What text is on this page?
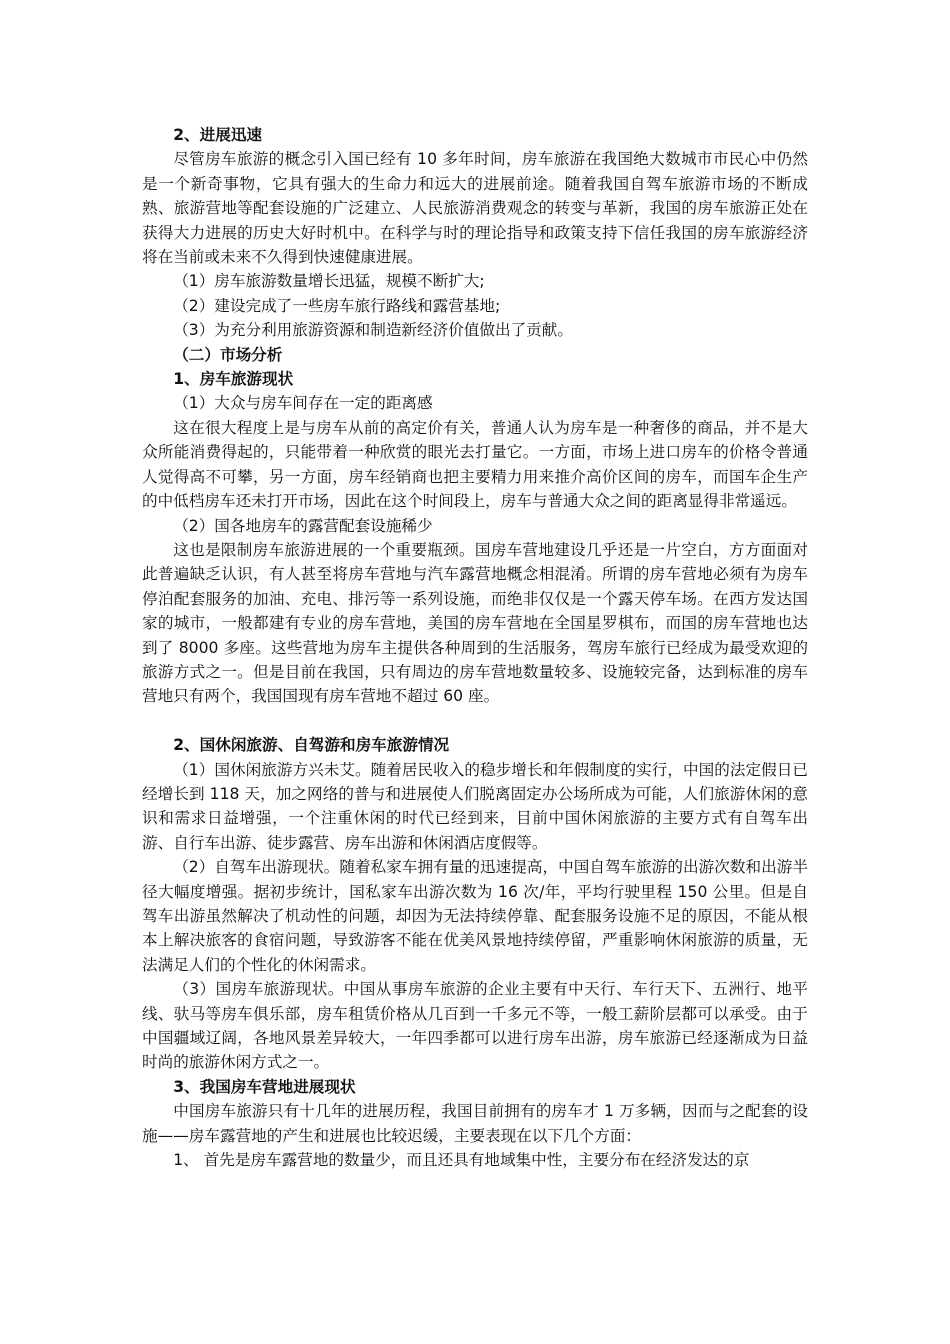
2、进展迅速

尽管房车旅游的概念引入国已经有 10 多年时间，房车旅游在我国绝大数城市市民心中仍然是一个新奇事物，它具有强大的生命力和远大的进展前途。随着我国自驾车旅游市场的不断成熟、旅游营地等配套设施的广泛建立、人民旅游消费观念的转变与革新，我国的房车旅游正处在获得大力进展的历史大好时机中。在科学与时的理论指导和政策支持下信任我国的房车旅游经济将在当前或未来不久得到快速健康进展。

（1）房车旅游数量增长迅猛，规模不断扩大;

（2）建设完成了一些房车旅行路线和露营基地;

（3）为充分利用旅游资源和制造新经济价值做出了贡献。

（二）市场分析

1、房车旅游现状

（1）大众与房车间存在一定的距离感

这在很大程度上是与房车从前的高定价有关，普通人认为房车是一种奢侈的商品，并不是大众所能消费得起的，只能带着一种欣赏的眼光去打量它。一方面，市场上进口房车的价格令普通人觉得高不可攀，另一方面，房车经销商也把主要精力用来推介高价区间的房车，而国车企生产的中低档房车还未打开市场，因此在这个时间段上，房车与普通大众之间的距离显得非常遥远。

（2）国各地房车的露营配套设施稀少

这也是限制房车旅游进展的一个重要瓶颈。国房车营地建设几乎还是一片空白，方方面面对此普遍缺乏认识，有人甚至将房车营地与汽车露营地概念相混淆。所谓的房车营地必须有为房车停泊配套服务的加油、充电、排污等一系列设施，而绝非仅仅是一个露天停车场。在西方发达国家的城市，一般都建有专业的房车营地，美国的房车营地在全国星罗棋布，而国的房车营地也达到了 8000 多座。这些营地为房车主提供各种周到的生活服务，驾房车旅行已经成为最受欢迎的旅游方式之一。但是目前在我国，只有周边的房车营地数量较多、设施较完备，达到标准的房车营地只有两个，我国国现有房车营地不超过 60 座。

2、国休闲旅游、自驾游和房车旅游情况

（1）国休闲旅游方兴未艾。随着居民收入的稳步增长和年假制度的实行，中国的法定假日已经增长到 118 天，加之网络的普与和进展使人们脱离固定办公场所成为可能，人们旅游休闲的意识和需求日益增强，一个注重休闲的时代已经到来，目前中国休闲旅游的主要方式有自驾车出游、自行车出游、徒步露营、房车出游和休闲酒店度假等。

（2）自驾车出游现状。随着私家车拥有量的迅速提高，中国自驾车旅游的出游次数和出游半径大幅度增强。据初步统计，国私家车出游次数为 16 次/年，平均行驶里程 150 公里。但是自驾车出游虽然解决了机动性的问题，却因为无法持续停靠、配套服务设施不足的原因，不能从根本上解决旅客的食宿问题，导致游客不能在优美风景地持续停留，严重影响休闲旅游的质量，无法满足人们的个性化的休闲需求。

（3）国房车旅游现状。中国从事房车旅游的企业主要有中天行、车行天下、五洲行、地平线、驮马等房车俱乐部，房车租赁价格从几百到一千多元不等，一般工薪阶层都可以承受。由于中国疆域辽阔，各地风景差异较大，一年四季都可以进行房车出游，房车旅游已经逐渐成为日益时尚的旅游休闲方式之一。

3、我国房车营地进展现状

中国房车旅游只有十几年的进展历程，我国目前拥有的房车才 1 万多辆，因而与之配套的设施——房车露营地的产生和进展也比较迟缓，主要表现在以下几个方面：

1、 首先是房车露营地的数量少，而且还具有地域集中性，主要分布在经济发达的京
